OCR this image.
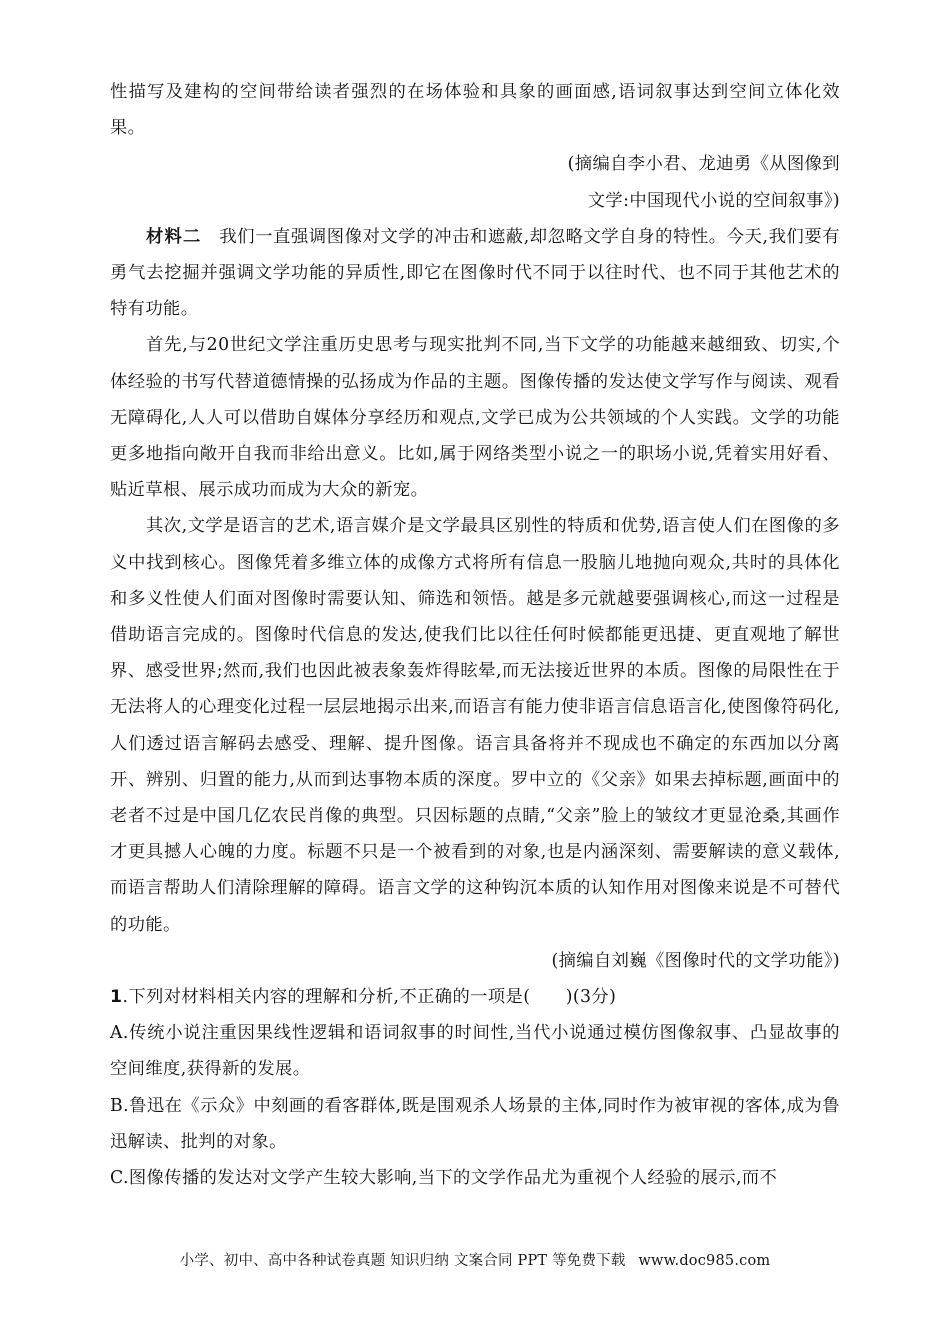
性描写及建构的空间带给读者强烈的在场体验和具象的画面感,语词叙事达到空间立体化效果。

(摘编自李小君、龙迪勇《从图像到

文学:中国现代小说的空间叙事》)

材料二　 我们一直强调图像对文学的冲击和遮蔽,却忽略文学自身的特性。今天,我们要有勇气去挖掘并强调文学功能的异质性,即它在图像时代不同于以往时代、也不同于其他艺术的特有功能。

首先,与20世纪文学注重历史思考与现实批判不同,当下文学的功能越来越细致、切实,个体经验的书写代替道德情操的弘扬成为作品的主题。图像传播的发达使文学写作与阅读、观看无障碍化,人人可以借助自媒体分享经历和观点,文学已成为公共领域的个人实践。文学的功能更多地指向敞开自我而非给出意义。比如,属于网络类型小说之一的职场小说,凭着实用好看、贴近草根、展示成功而成为大众的新宠。

其次,文学是语言的艺术,语言媒介是文学最具区别性的特质和优势,语言使人们在图像的多义中找到核心。图像凭着多维立体的成像方式将所有信息一股脑儿地抛向观众,共时的具体化和多义性使人们面对图像时需要认知、筛选和领悟。越是多元就越要强调核心,而这一过程是借助语言完成的。图像时代信息的发达,使我们比以往任何时候都能更迅捷、更直观地了解世界、感受世界;然而,我们也因此被表象轰炸得眩晕,而无法接近世界的本质。图像的局限性在于无法将人的心理变化过程一层层地揭示出来,而语言有能力使非语言信息语言化,使图像符码化,人们透过语言解码去感受、理解、提升图像。语言具备将并不现成也不确定的东西加以分离开、辨别、归置的能力,从而到达事物本质的深度。罗中立的《父亲》如果去掉标题,画面中的老者不过是中国几亿农民肖像的典型。只因标题的点睛,“父亲”脸上的皱纹才更显沧桑,其画作才更具撼人心魄的力度。标题不只是一个被看到的对象,也是内涵深刻、需要解读的意义载体,而语言帮助人们清除理解的障碍。语言文学的这种钩沉本质的认知作用对图像来说是不可替代的功能。

(摘编自刘巍《图像时代的文学功能》)

1.下列对材料相关内容的理解和分析,不正确的一项是(　　)(3分)

A.传统小说注重因果线性逻辑和语词叙事的时间性,当代小说通过模仿图像叙事、凸显故事的空间维度,获得新的发展。

B.鲁迅在《示众》中刻画的看客群体,既是围观杀人场景的主体,同时作为被审视的客体,成为鲁迅解读、批判的对象。

C.图像传播的发达对文学产生较大影响,当下的文学作品尤为重视个人经验的展示,而不

小学、初中、高中各种试卷真题 知识归纳 文案合同 PPT 等免费下载 www.doc985.com
